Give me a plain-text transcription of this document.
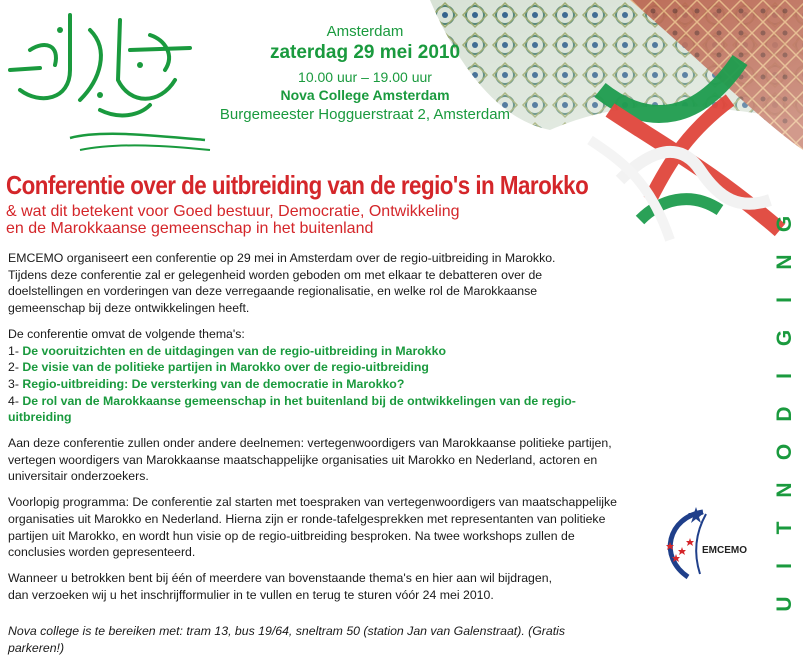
Amsterdam
zaterdag 29 mei 2010
10.00 uur – 19.00 uur
Nova College Amsterdam
Burgemeester Hogguerstraat 2, Amsterdam
Conferentie over de uitbreiding van de regio's in Marokko
& wat dit betekent voor Goed bestuur, Democratie, Ontwikkeling
en de Marokkaanse gemeenschap in het buitenland

EMCEMO organiseert een conferentie op 29 mei in Amsterdam over de regio-uitbreiding in Marokko. Tijdens deze conferentie zal er gelegenheid worden geboden om met elkaar te debatteren over de doelstellingen en vorderingen van deze verregaande regionalisatie, en welke rol de Marokkaanse gemeenschap bij deze ontwikkelingen heeft.

De conferentie omvat de volgende thema's:

1- De vooruitzichten en de uitdagingen van de regio-uitbreiding in Marokko
2- De visie van de politieke partijen in Marokko over de regio-uitbreiding
3- Regio-uitbreiding: De versterking van de democratie in Marokko?
4- De rol van de Marokkaanse gemeenschap in het buitenland bij de ontwikkelingen van de regio-uitbreiding

Aan deze conferentie zullen onder andere deelnemen: vertegenwoordigers van Marokkaanse politieke partijen, vertegen woordigers van Marokkaanse maatschappelijke organisaties uit Marokko en Nederland, actoren en universitair onderzoekers.

Voorlopig programma: De conferentie zal starten met toespraken van vertegenwoordigers van maatschappelijke organisaties uit Marokko en Nederland. Hierna zijn er ronde-tafelgesprekken met representanten van politieke partijen uit Marokko, en wordt hun visie op de regio-uitbreiding besproken. Na twee workshops zullen de conclusies worden gepresenteerd.

Wanneer u betrokken bent bij één of meerdere van bovenstaande thema's en hier aan wil bijdragen,
dan verzoeken wij u het inschrijfformulier in te vullen en terug te sturen vóór 24 mei 2010.

Nova college is te bereiken met: tram 13, bus 19/64, sneltram 50 (station Jan van Galenstraat). (Gratis parkeren!)

G
N
I
G
I
D
O
N
T
I
U
EMCEMO
